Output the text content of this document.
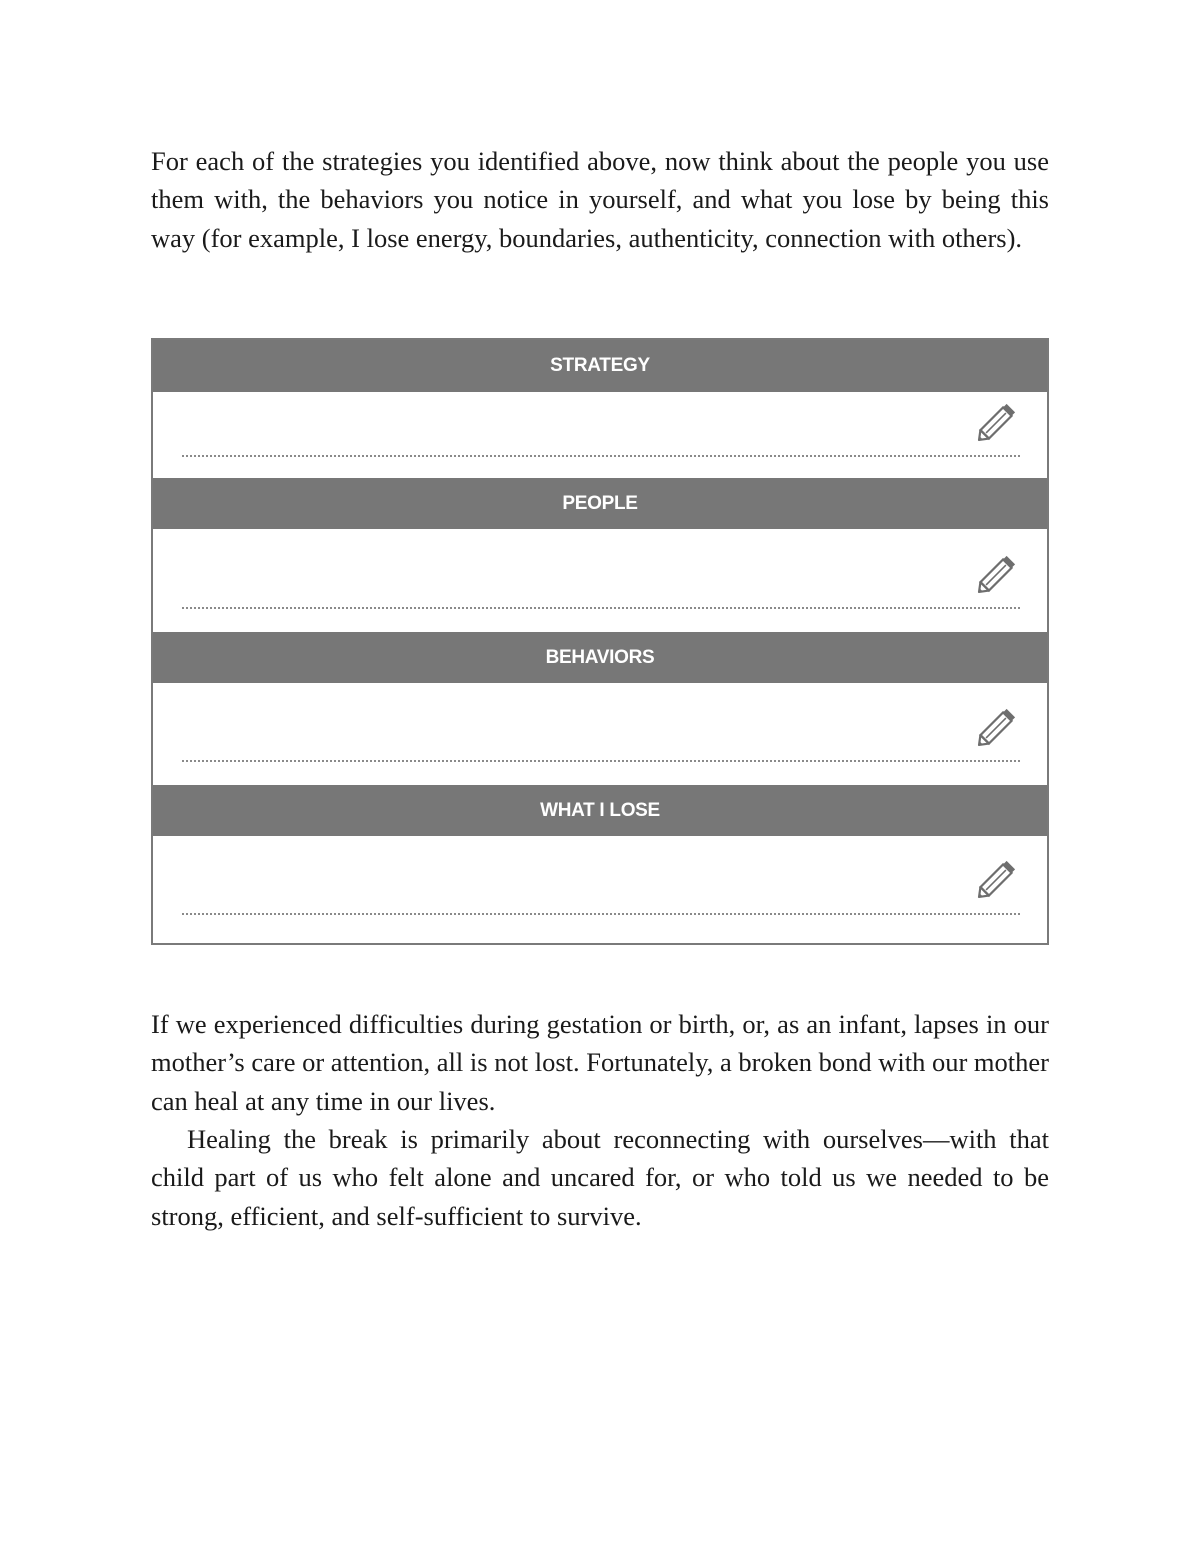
For each of the strategies you identified above, now think about the people you use them with, the behaviors you notice in yourself, and what you lose by being this way (for example, I lose energy, boundaries, authenticity, connection with others).

STRATEGY
PEOPLE
BEHAVIORS
WHAT I LOSE

If we experienced difficulties during gestation or birth, or, as an infant, lapses in our mother’s care or attention, all is not lost. Fortunately, a broken bond with our mother can heal at any time in our lives.

Healing the break is primarily about reconnecting with ourselves—with that child part of us who felt alone and uncared for, or who told us we needed to be strong, efficient, and self-sufficient to survive.
